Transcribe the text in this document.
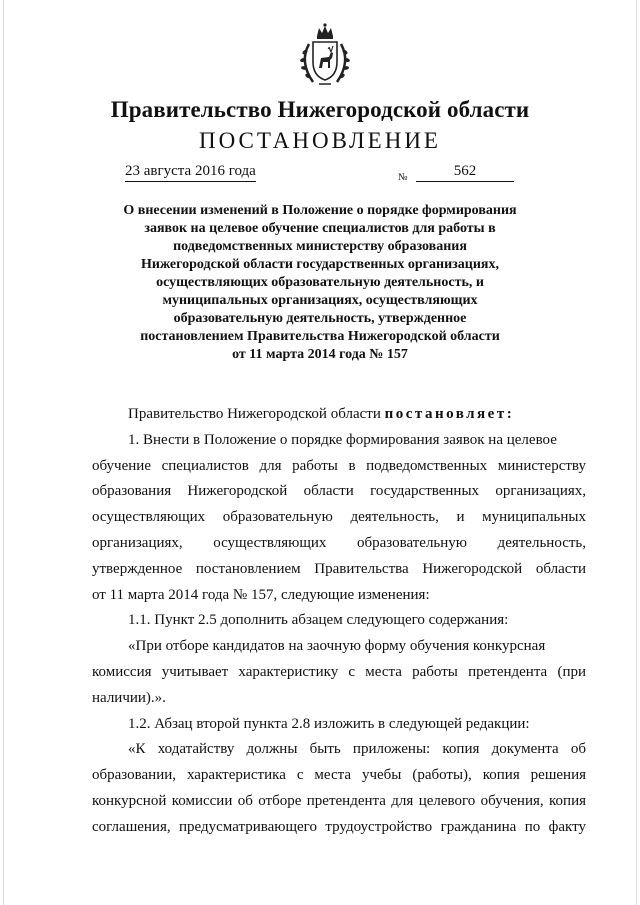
Правительство Нижегородской области
ПОСТАНОВЛЕНИЕ
23 августа 2016 года	№	562
О внесении изменений в Положение о порядке формирования
заявок на целевое обучение специалистов для работы в
подведомственных министерству образования
Нижегородской области государственных организациях,
осуществляющих образовательную деятельность, и
муниципальных организациях, осуществляющих
образовательную деятельность, утвержденное
постановлением Правительства Нижегородской области
от 11 марта 2014 года № 157
Правительство Нижегородской области постановляет:
1. Внести в Положение о порядке формирования заявок на целевое
обучение специалистов для работы в подведомственных министерству
образования Нижегородской области государственных организациях,
осуществляющих образовательную деятельность, и муниципальных
организациях, осуществляющих образовательную деятельность,
утвержденное постановлением Правительства Нижегородской области
от 11 марта 2014 года № 157, следующие изменения:
1.1. Пункт 2.5 дополнить абзацем следующего содержания:
«При отборе кандидатов на заочную форму обучения конкурсная
комиссия учитывает характеристику с места работы претендента (при
наличии).».
1.2. Абзац второй пункта 2.8 изложить в следующей редакции:
«К ходатайству должны быть приложены: копия документа об
образовании, характеристика с места учебы (работы), копия решения
конкурсной комиссии об отборе претендента для целевого обучения, копия
соглашения, предусматривающего трудоустройство гражданина по факту
